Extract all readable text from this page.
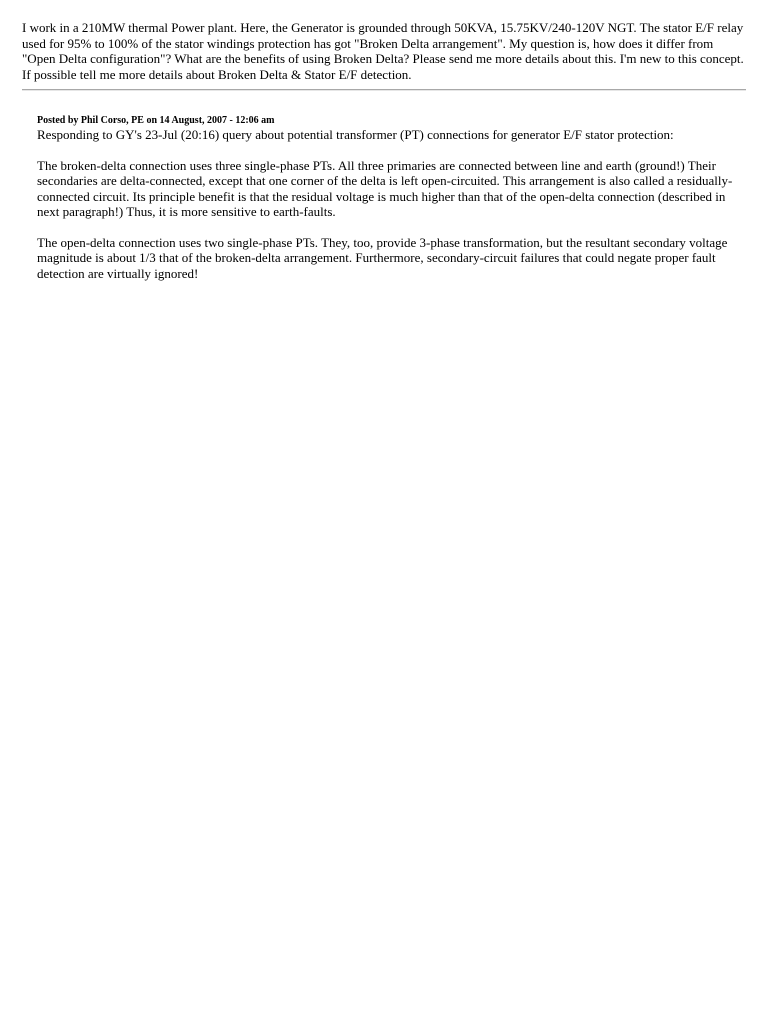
I work in a 210MW thermal Power plant. Here, the Generator is grounded through 50KVA, 15.75KV/240-120V NGT. The stator E/F relay used for 95% to 100% of the stator windings protection has got "Broken Delta arrangement". My question is, how does it differ from "Open Delta configuration"? What are the benefits of using Broken Delta? Please send me more details about this. I'm new to this concept. If possible tell me more details about Broken Delta & Stator E/F detection.

Posted by Phil Corso, PE on 14 August, 2007 - 12:06 am

Responding to GY's 23-Jul (20:16) query about potential transformer (PT) connections for generator E/F stator protection:

The broken-delta connection uses three single-phase PTs. All three primaries are connected between line and earth (ground!) Their secondaries are delta-connected, except that one corner of the delta is left open-circuited. This arrangement is also called a residually-connected circuit. Its principle benefit is that the residual voltage is much higher than that of the open-delta connection (described in next paragraph!) Thus, it is more sensitive to earth-faults.

The open-delta connection uses two single-phase PTs. They, too, provide 3-phase transformation, but the resultant secondary voltage magnitude is about 1/3 that of the broken-delta arrangement. Furthermore, secondary-circuit failures that could negate proper fault detection are virtually ignored!
